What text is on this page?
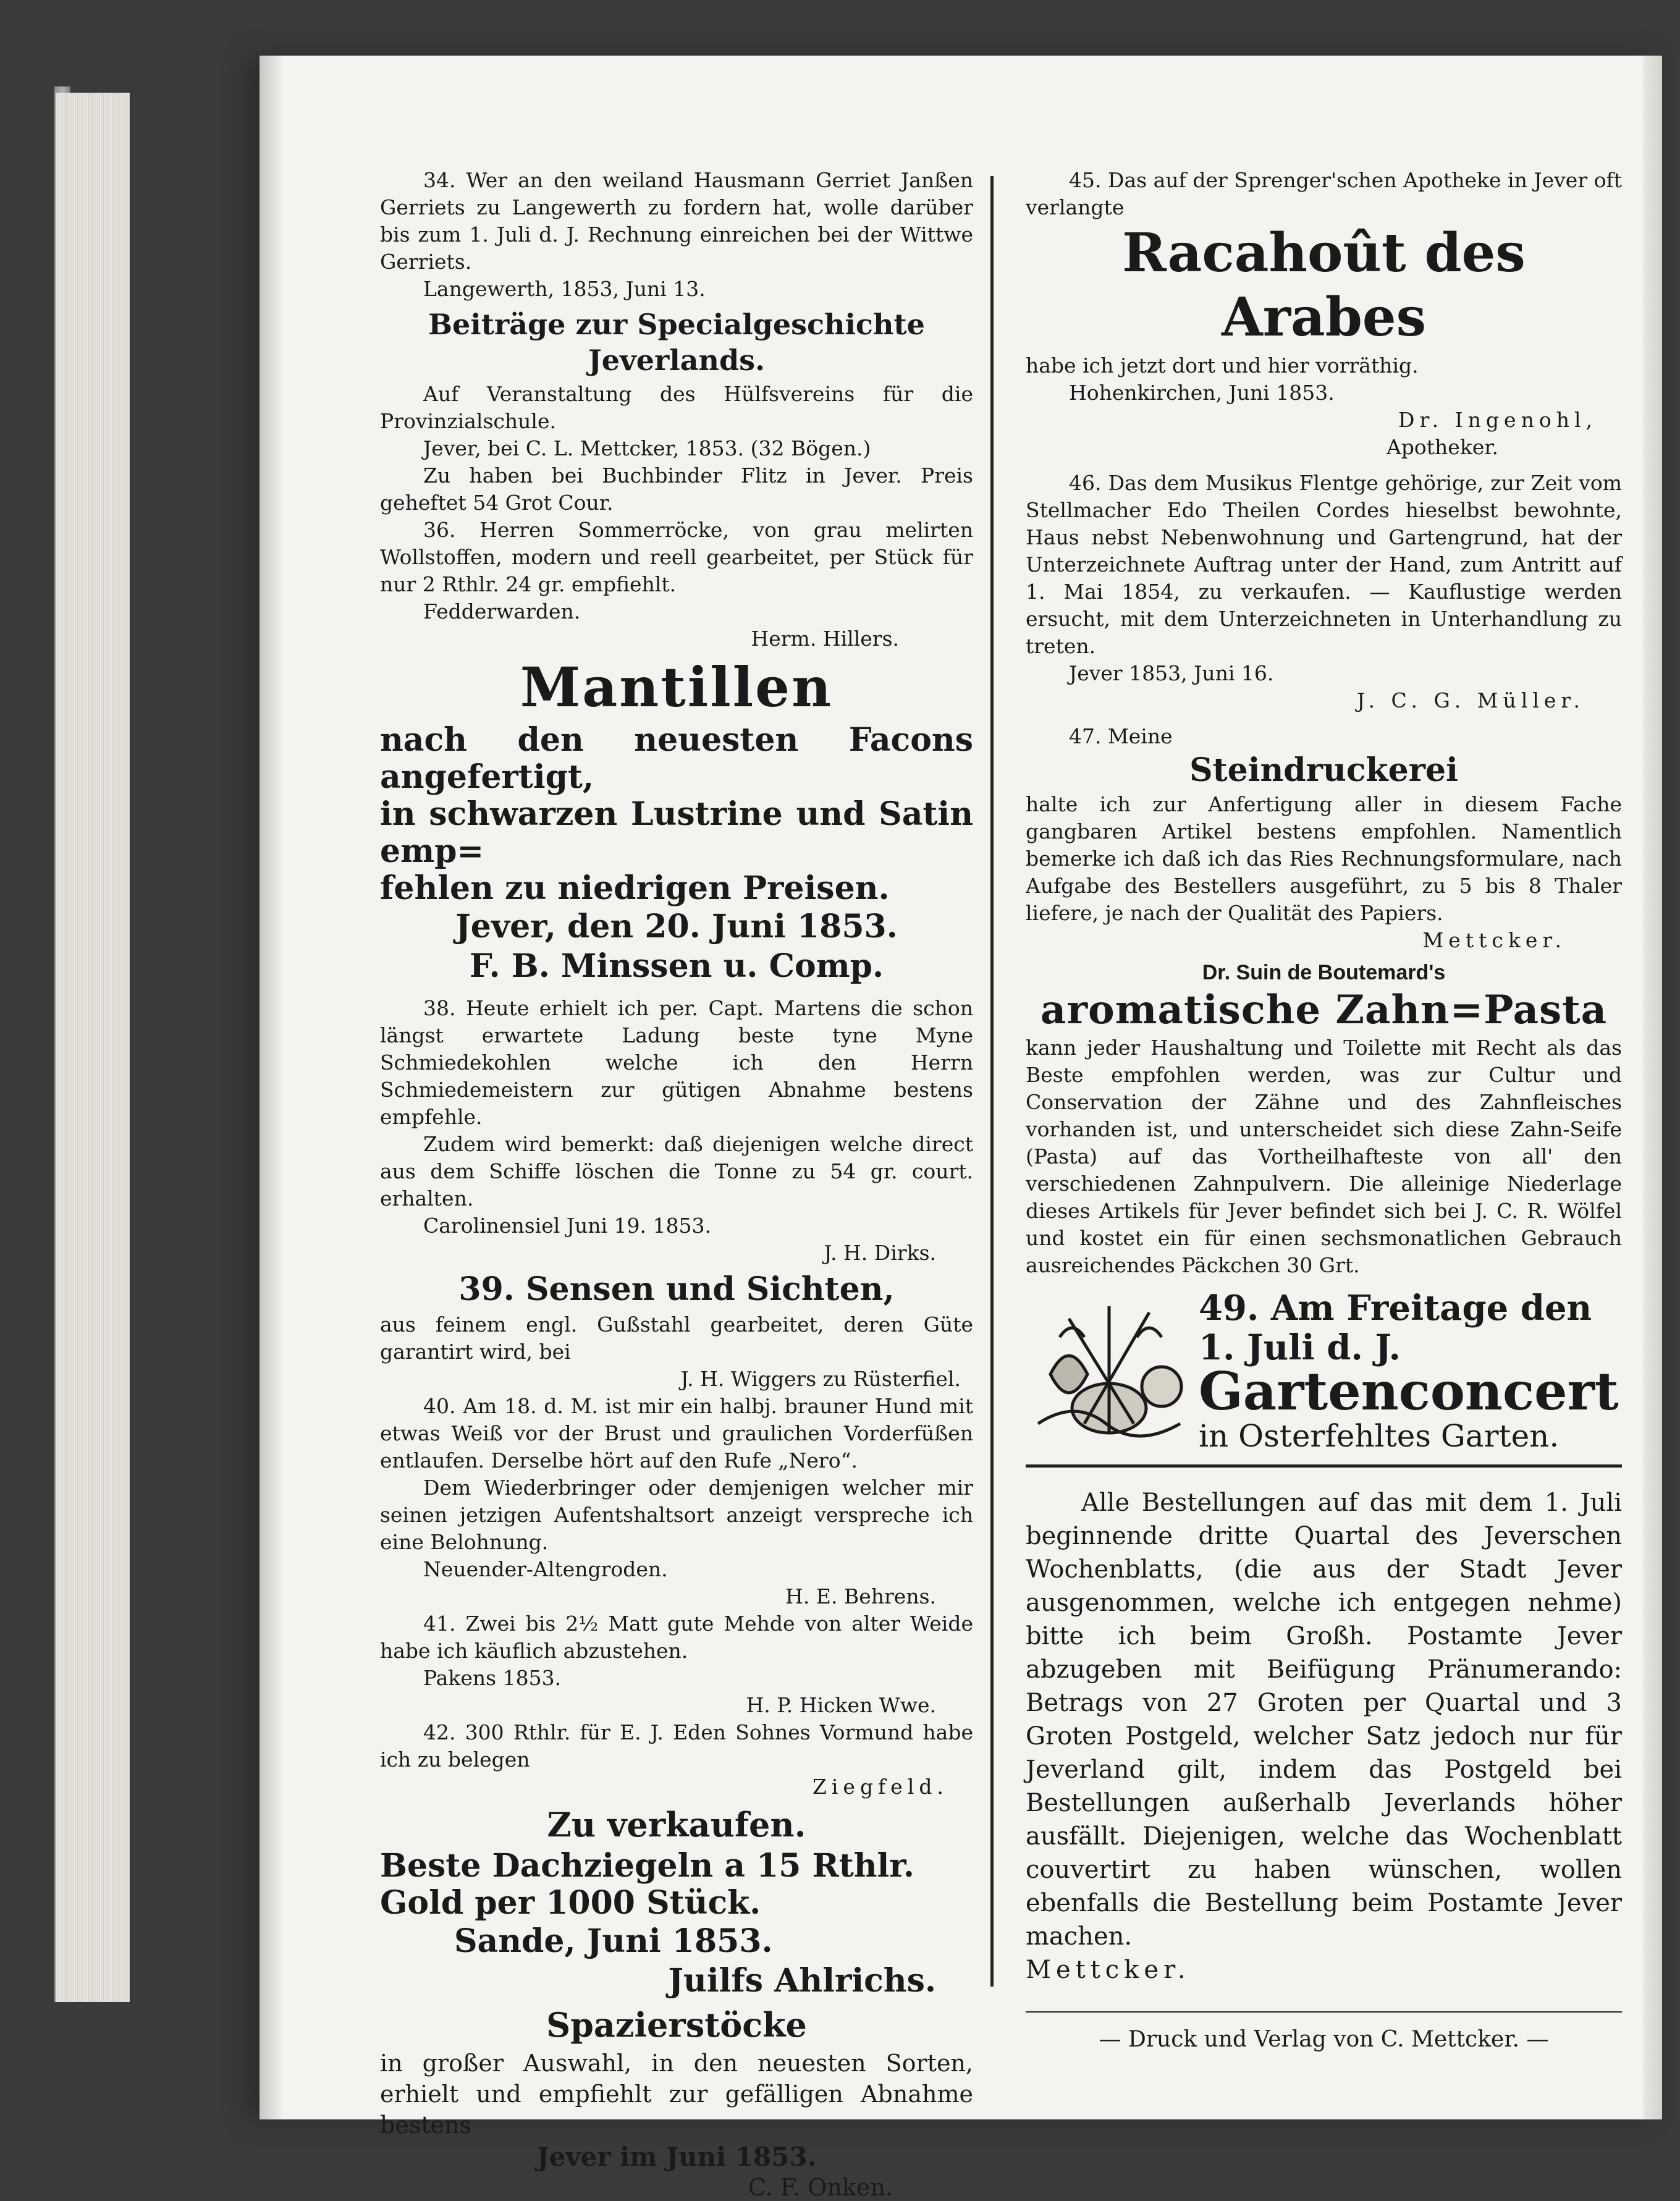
34. Wer an den weiland Hausmann Gerriet Janßen Gerriets zu Langewerth zu fordern hat, wolle darüber bis zum 1. Juli d. J. Rechnung einreichen bei der Wittwe Gerriets.

Langewerth, 1853, Juni 13.

Beiträge zur Specialgeschichte Jeverlands.

Auf Veranstaltung des Hülfsvereins für die Provinzialschule.

Jever, bei C. L. Mettcker, 1853. (32 Bögen.)

Zu haben bei Buchbinder Flitz in Jever. Preis geheftet 54 Grot Cour.

36. Herren Sommerröcke, von grau melirten Wollstoffen, modern und reell gearbeitet, per Stück für nur 2 Rthlr. 24 gr. empfiehlt.

Fedderwarden.

Herm. Hillers.

Mantillen

nach den neuesten Facons angefertigt,

in schwarzen Lustrine und Satin emp=

fehlen zu niedrigen Preisen.

Jever, den 20. Juni 1853.

F. B. Minssen u. Comp.

38. Heute erhielt ich per. Capt. Martens die schon längst erwartete Ladung beste tyne Myne Schmiedekohlen welche ich den Herrn Schmiedemeistern zur gütigen Abnahme bestens empfehle.

Zudem wird bemerkt: daß diejenigen welche direct aus dem Schiffe löschen die Tonne zu 54 gr. court. erhalten.

Carolinensiel Juni 19. 1853.

J. H. Dirks.

39. Sensen und Sichten,

aus feinem engl. Gußstahl gearbeitet, deren Güte garantirt wird, bei

J. H. Wiggers zu Rüsterfiel.

40. Am 18. d. M. ist mir ein halbj. brauner Hund mit etwas Weiß vor der Brust und graulichen Vorderfüßen entlaufen. Derselbe hört auf den Rufe „Nero“.

Dem Wiederbringer oder demjenigen welcher mir seinen jetzigen Aufentshaltsort anzeigt verspreche ich eine Belohnung.

Neuender-Altengroden.

H. E. Behrens.

41. Zwei bis 2½ Matt gute Mehde von alter Weide habe ich käuflich abzustehen.

Pakens 1853.

H. P. Hicken Wwe.

42. 300 Rthlr. für E. J. Eden Sohnes Vormund habe ich zu belegen

Ziegfeld.

Zu verkaufen.

Beste Dachziegeln a 15 Rthlr.

Gold per 1000 Stück.

Sande, Juni 1853.

Juilfs Ahlrichs.

Spazierstöcke

in großer Auswahl, in den neuesten Sorten, erhielt und empfiehlt zur gefälligen Abnahme bestens

Jever im Juni 1853.

C. F. Onken.

45. Das auf der Sprenger'schen Apotheke in Jever oft verlangte

Racahoût des Arabes

habe ich jetzt dort und hier vorräthig.

Hohenkirchen, Juni 1853.

Dr. Ingenohl,

Apotheker.

46. Das dem Musikus Flentge gehörige, zur Zeit vom Stellmacher Edo Theilen Cordes hieselbst bewohnte, Haus nebst Nebenwohnung und Gartengrund, hat der Unterzeichnete Auftrag unter der Hand, zum Antritt auf 1. Mai 1854, zu verkaufen. — Kauflustige werden ersucht, mit dem Unterzeichneten in Unterhandlung zu treten.

Jever 1853, Juni 16.

J. C. G. Müller.

47. Meine

Steindruckerei

halte ich zur Anfertigung aller in diesem Fache gangbaren Artikel bestens empfohlen. Namentlich bemerke ich daß ich das Ries Rechnungsformulare, nach Aufgabe des Bestellers ausgeführt, zu 5 bis 8 Thaler liefere, je nach der Qualität des Papiers.

Mettcker.

Dr. Suin de Boutemard's
aromatische Zahn=Pasta

kann jeder Haushaltung und Toilette mit Recht als das Beste empfohlen werden, was zur Cultur und Conservation der Zähne und des Zahnfleisches vorhanden ist, und unterscheidet sich diese Zahn-Seife (Pasta) auf das Vortheilhafteste von all' den verschiedenen Zahnpulvern. Die alleinige Niederlage dieses Artikels für Jever befindet sich bei J. C. R. Wölfel und kostet ein für einen sechsmonatlichen Gebrauch ausreichendes Päckchen 30 Grt.

49. Am Freitage den
1. Juli d. J.
Gartenconcert
in Osterfehltes Garten.

Alle Bestellungen auf das mit dem 1. Juli beginnende dritte Quartal des Jeverschen Wochenblatts, (die aus der Stadt Jever ausgenommen, welche ich entgegen nehme) bitte ich beim Großh. Postamte Jever abzugeben mit Beifügung Pränumerando: Betrags von 27 Groten per Quartal und 3 Groten Postgeld, welcher Satz jedoch nur für Jeverland gilt, indem das Postgeld bei Bestellungen außerhalb Jeverlands höher ausfällt. Diejenigen, welche das Wochenblatt couvertirt zu haben wünschen, wollen ebenfalls die Bestellung beim Postamte Jever machen.

Mettcker.

— Druck und Verlag von C. Mettcker. —
